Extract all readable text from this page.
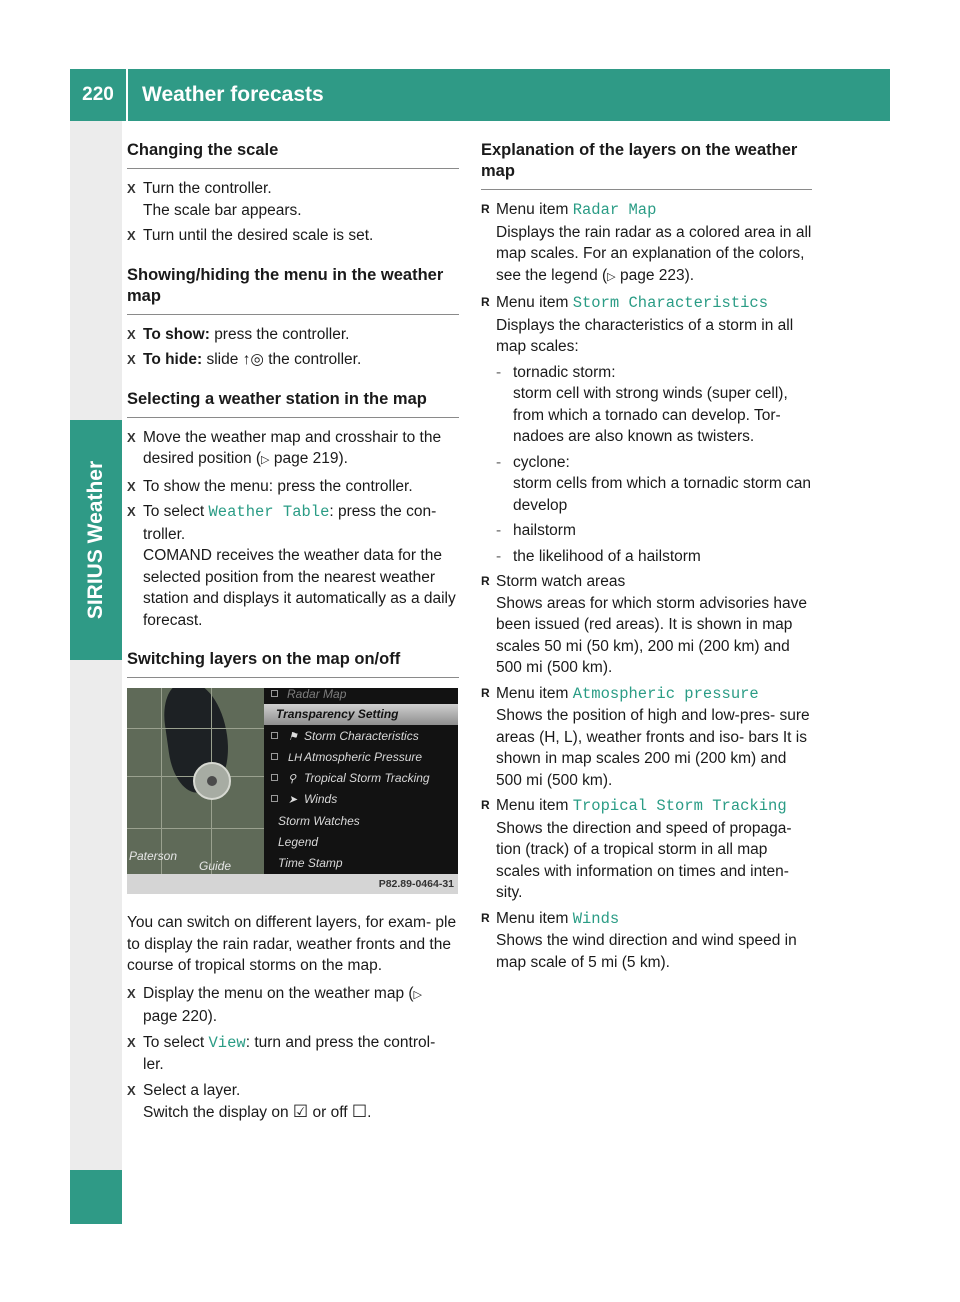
220	Weather forecasts
SIRIUS Weather
Changing the scale
X Turn the controller.
The scale bar appears.
X Turn until the desired scale is set.
Showing/hiding the menu in the weather map
X To show: press the controller.
X To hide: slide ↑◎ the controller.
Selecting a weather station in the map
X Move the weather map and crosshair to the desired position (▷ page 219).
X To show the menu: press the controller.
X To select Weather Table: press the con- troller.
COMAND receives the weather data for the selected position from the nearest weather station and displays it automatically as a daily forecast.
Switching layers on the map on/off
Paterson
Guide
Radar Map
Transparency Setting
⚑ Storm Characteristics
LH Atmospheric Pressure
⚲ Tropical Storm Tracking
➤ Winds
Storm Watches
Legend
Time Stamp
P82.89-0464-31

You can switch on different layers, for exam- ple to display the rain radar, weather fronts and the course of tropical storms on the map.

X Display the menu on the weather map (▷ page 220).
X To select View: turn and press the control- ler.
X Select a layer.
Switch the display on ☑ or off ☐.
Explanation of the layers on the weather map
R Menu item Radar Map
Displays the rain radar as a colored area in all map scales. For an explanation of the colors, see the legend (▷ page 223).
R Menu item Storm Characteristics
Displays the characteristics of a storm in all map scales:
- tornadic storm:
storm cell with strong winds (super cell), from which a tornado can develop. Tor- nadoes are also known as twisters.
- cyclone:
storm cells from which a tornadic storm can develop
- hailstorm
- the likelihood of a hailstorm
R Storm watch areas
Shows areas for which storm advisories have been issued (red areas). It is shown in map scales 50 mi (50 km), 200 mi (200 km) and 500 mi (500 km).
R Menu item Atmospheric pressure
Shows the position of high and low-pres- sure areas (H, L), weather fronts and iso- bars It is shown in map scales 200 mi (200 km) and 500 mi (500 km).
R Menu item Tropical Storm Tracking
Shows the direction and speed of propaga- tion (track) of a tropical storm in all map scales with information on times and inten- sity.
R Menu item Winds
Shows the wind direction and wind speed in map scale of 5 mi (5 km).
